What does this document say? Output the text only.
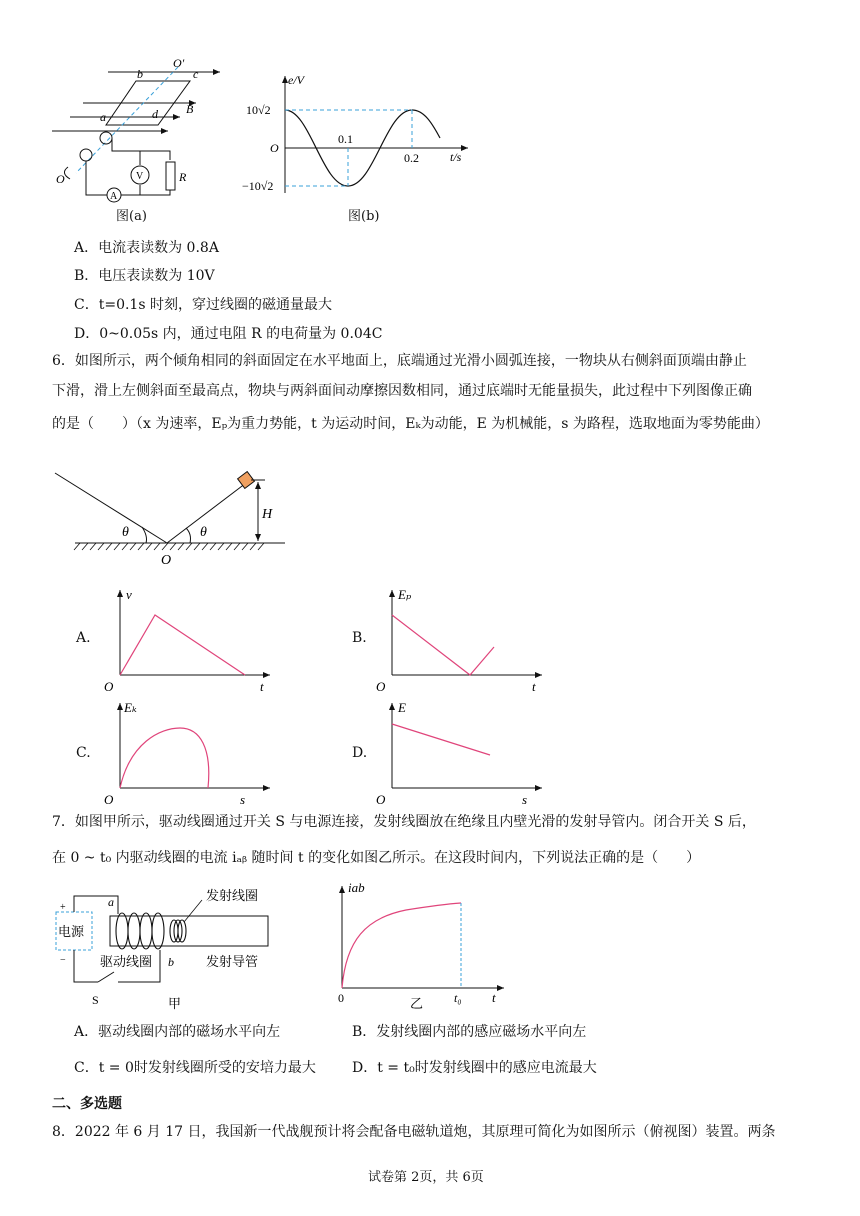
O′
b	c
a	d B
O	V
A
R
图(a)
e/V
t/s
O
10√2
−10√2
0.1
0.2
图(b)
A．电流表读数为 0.8A
B．电压表读数为 10V
C．t=0.1s 时刻，穿过线圈的磁通量最大
D．0~0.05s 内，通过电阻 R 的电荷量为 0.04C
6．如图所示，两个倾角相同的斜面固定在水平地面上，底端通过光滑小圆弧连接，一物块从右侧斜面顶端由静止
下滑，滑上左侧斜面至最高点，物块与两斜面间动摩擦因数相同，通过底端时无能量损失，此过程中下列图像正确
的是（　　）（x 为速率，Eₚ为重力势能，t 为运动时间，Eₖ为动能，E 为机械能，s 为路程，选取地面为零势能曲）
θ	θ
O
H
A.
v
t
O
B.
Eₚ
t
O
C.
Eₖ
s
O
D.
E
s
O
7．如图甲所示，驱动线圈通过开关 S 与电源连接，发射线圈放在绝缘且内壁光滑的发射导管内。闭合开关 S 后，
在 0 ~ t₀ 内驱动线圈的电流 iₐᵦ 随时间 t 的变化如图乙所示。在这段时间内，下列说法正确的是（　　）
电源
+
−
a
b
发射线圈
驱动线圈	发射导管
S	甲
iab
t
0	t₀
乙
A．驱动线圈内部的磁场水平向左	B．发射线圈内部的感应磁场水平向左
C．t = 0时发射线圈所受的安培力最大	D．t = t₀时发射线圈中的感应电流最大
二、多选题
8．2022 年 6 月 17 日，我国新一代战舰预计将会配备电磁轨道炮，其原理可简化为如图所示（俯视图）装置。两条
试卷第 2页，共 6页
